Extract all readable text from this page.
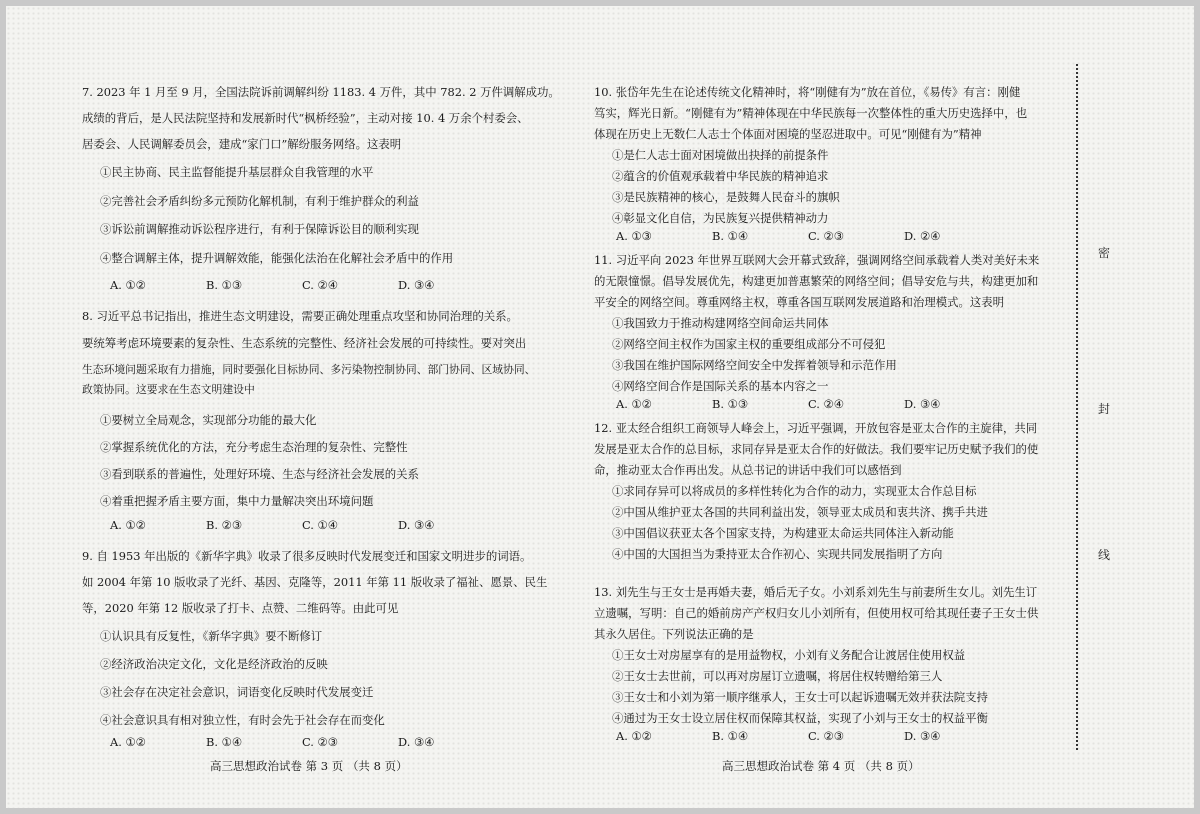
7. 2023 年 1 月至 9 月，全国法院诉前调解纠纷 1183. 4 万件，其中 782. 2 万件调解成功。
成绩的背后，是人民法院坚持和发展新时代“枫桥经验”，主动对接 10. 4 万余个村委会、
居委会、人民调解委员会，建成“家门口”解纷服务网络。这表明
①民主协商、民主监督能提升基层群众自我管理的水平
②完善社会矛盾纠纷多元预防化解机制，有利于维护群众的利益
③诉讼前调解推动诉讼程序进行，有利于保障诉讼目的顺利实现
④整合调解主体，提升调解效能，能强化法治在化解社会矛盾中的作用
A. ①②	B. ①③	C. ②④	D. ③④
8. 习近平总书记指出，推进生态文明建设，需要正确处理重点攻坚和协同治理的关系。
要统筹考虑环境要素的复杂性、生态系统的完整性、经济社会发展的可持续性。要对突出
生态环境问题采取有力措施，同时要强化目标协同、多污染物控制协同、部门协同、区域协同、
政策协同。这要求在生态文明建设中
①要树立全局观念，实现部分功能的最大化
②掌握系统优化的方法，充分考虑生态治理的复杂性、完整性
③看到联系的普遍性，处理好环境、生态与经济社会发展的关系
④着重把握矛盾主要方面，集中力量解决突出环境问题
A. ①②	B. ②③	C. ①④	D. ③④
9. 自 1953 年出版的《新华字典》收录了很多反映时代发展变迁和国家文明进步的词语。
如 2004 年第 10 版收录了光纤、基因、克隆等，2011 年第 11 版收录了福祉、愿景、民生
等，2020 年第 12 版收录了打卡、点赞、二维码等。由此可见
①认识具有反复性，《新华字典》要不断修订
②经济政治决定文化，文化是经济政治的反映
③社会存在决定社会意识，词语变化反映时代发展变迁
④社会意识具有相对独立性，有时会先于社会存在而变化
A. ①②	B. ①④	C. ②③	D. ③④
高三思想政治试卷 第 3 页 （共 8 页）
10. 张岱年先生在论述传统文化精神时，将“刚健有为”放在首位，《易传》有言：刚健
笃实，辉光日新。“刚健有为”精神体现在中华民族每一次整体性的重大历史选择中，也
体现在历史上无数仁人志士个体面对困境的坚忍进取中。可见“刚健有为”精神
①是仁人志士面对困境做出抉择的前提条件
②蕴含的价值观承载着中华民族的精神追求
③是民族精神的核心，是鼓舞人民奋斗的旗帜
④彰显文化自信，为民族复兴提供精神动力
A. ①③	B. ①④	C. ②③	D. ②④
11. 习近平向 2023 年世界互联网大会开幕式致辞，强调网络空间承载着人类对美好未来
的无限憧憬。倡导发展优先，构建更加普惠繁荣的网络空间；倡导安危与共，构建更加和
平安全的网络空间。尊重网络主权，尊重各国互联网发展道路和治理模式。这表明
①我国致力于推动构建网络空间命运共同体
②网络空间主权作为国家主权的重要组成部分不可侵犯
③我国在维护国际网络空间安全中发挥着领导和示范作用
④网络空间合作是国际关系的基本内容之一
A. ①②	B. ①③	C. ②④	D. ③④
12. 亚太经合组织工商领导人峰会上，习近平强调，开放包容是亚太合作的主旋律，共同
发展是亚太合作的总目标，求同存异是亚太合作的好做法。我们要牢记历史赋予我们的使
命，推动亚太合作再出发。从总书记的讲话中我们可以感悟到
①求同存异可以将成员的多样性转化为合作的动力，实现亚太合作总目标
②中国从维护亚太各国的共同利益出发，领导亚太成员和衷共济、携手共进
③中国倡议获亚太各个国家支持，为构建亚太命运共同体注入新动能
④中国的大国担当为秉持亚太合作初心、实现共同发展指明了方向
13. 刘先生与王女士是再婚夫妻，婚后无子女。小刘系刘先生与前妻所生女儿。刘先生订
立遗嘱，写明：自己的婚前房产产权归女儿小刘所有，但使用权可给其现任妻子王女士供
其永久居住。下列说法正确的是
①王女士对房屋享有的是用益物权，小刘有义务配合让渡居住使用权益
②王女士去世前，可以再对房屋订立遗嘱，将居住权转赠给第三人
③王女士和小刘为第一顺序继承人，王女士可以起诉遗嘱无效并获法院支持
④通过为王女士设立居住权而保障其权益，实现了小刘与王女士的权益平衡
A. ①②	B. ①④	C. ②③	D. ③④
高三思想政治试卷 第 4 页 （共 8 页）
密
封
线
